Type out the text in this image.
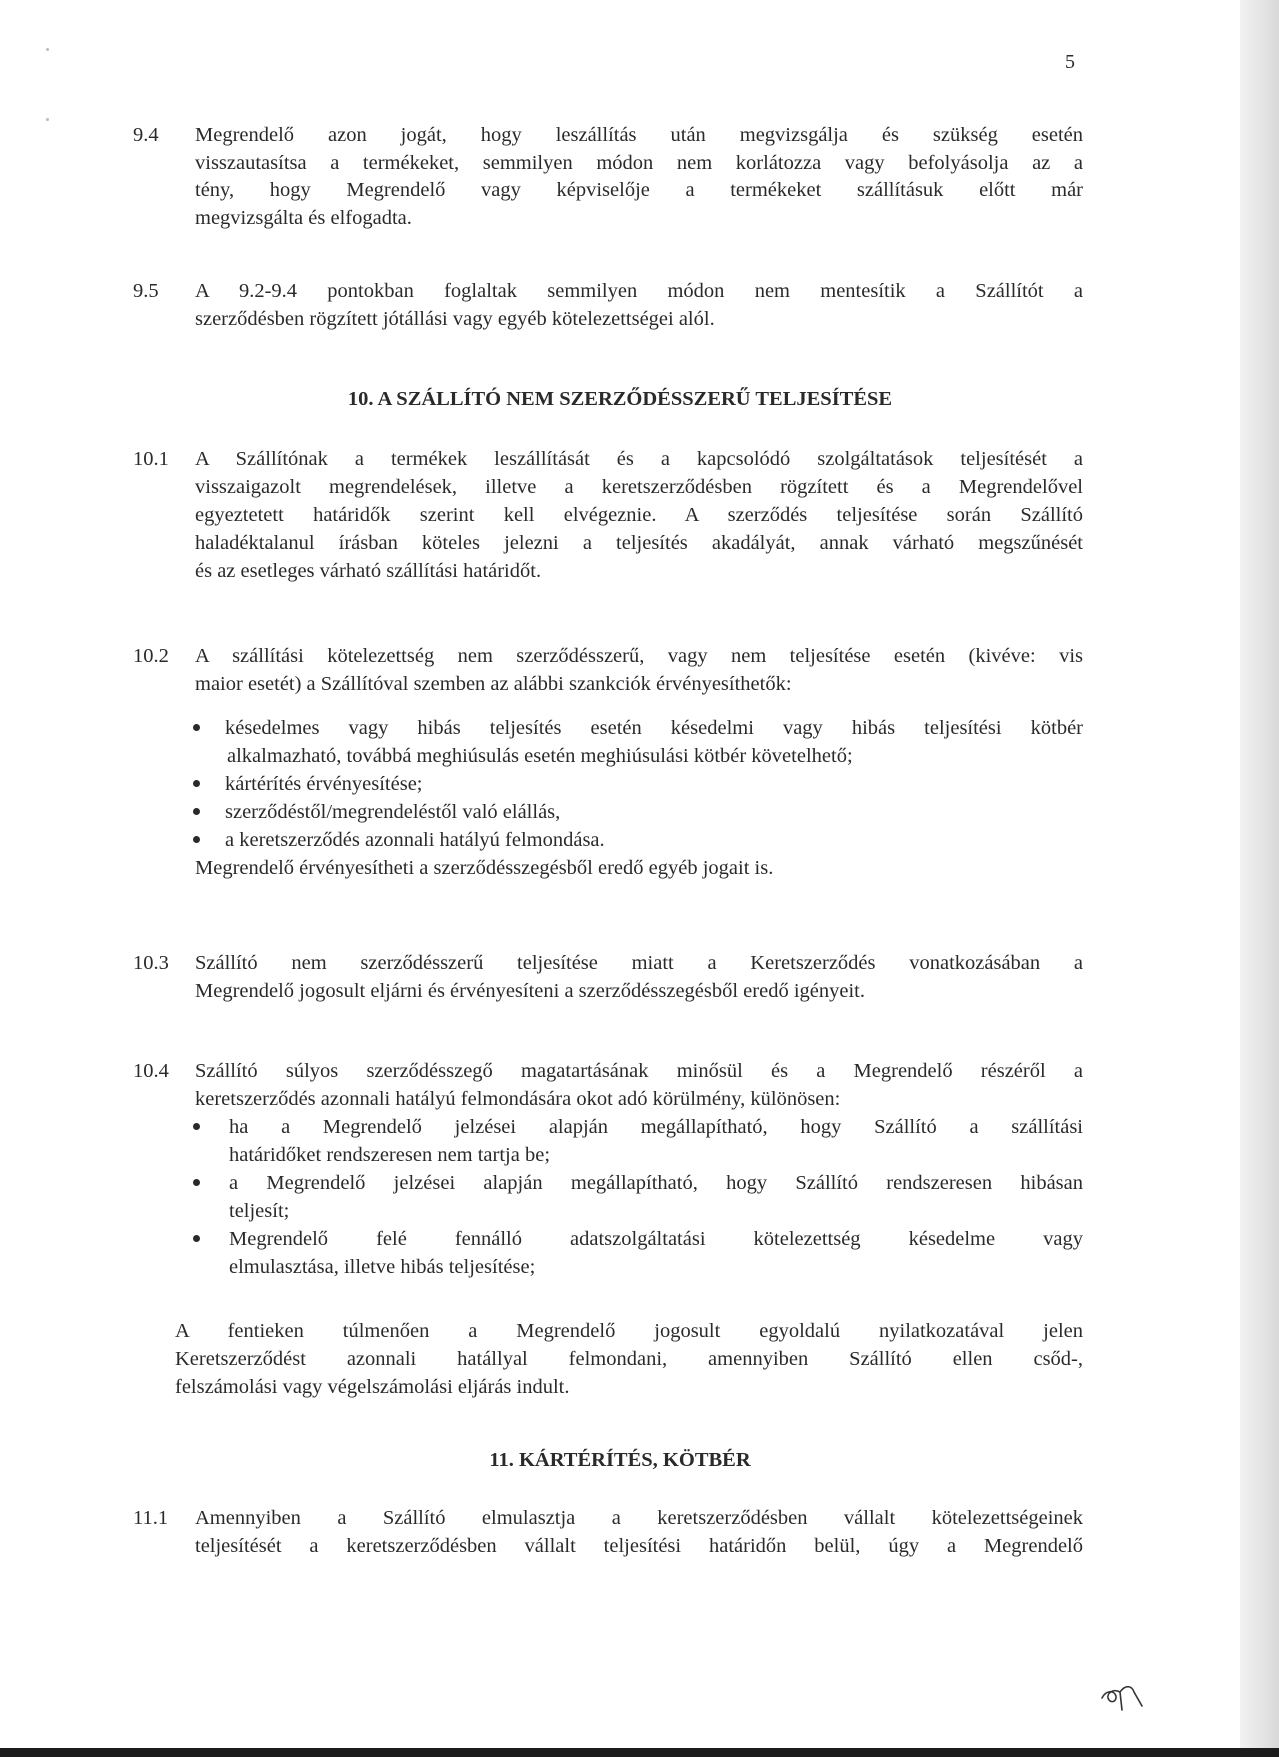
5
9.4 Megrendelő azon jogát, hogy leszállítás után megvizsgálja és szükség esetén
visszautasítsa a termékeket, semmilyen módon nem korlátozza vagy befolyásolja az a
tény, hogy Megrendelő vagy képviselője a termékeket szállításuk előtt már
megvizsgálta és elfogadta.
9.5 A 9.2-9.4 pontokban foglaltak semmilyen módon nem mentesítik a Szállítót a
szerződésben rögzített jótállási vagy egyéb kötelezettségei alól.
10. A SZÁLLÍTÓ NEM SZERZŐDÉSSZERŰ TELJESÍTÉSE
10.1 A Szállítónak a termékek leszállítását és a kapcsolódó szolgáltatások teljesítését a
visszaigazolt megrendelések, illetve a keretszerződésben rögzített és a Megrendelővel
egyeztetett határidők szerint kell elvégeznie. A szerződés teljesítése során Szállító
haladéktalanul írásban köteles jelezni a teljesítés akadályát, annak várható megszűnését
és az esetleges várható szállítási határidőt.
10.2 A szállítási kötelezettség nem szerződésszerű, vagy nem teljesítése esetén (kivéve: vis
maior esetét) a Szállítóval szemben az alábbi szankciók érvényesíthetők:
késedelmes vagy hibás teljesítés esetén késedelmi vagy hibás teljesítési kötbér
alkalmazható, továbbá meghiúsulás esetén meghiúsulási kötbér követelhető;
kártérítés érvényesítése;
szerződéstől/megrendeléstől való elállás,
a keretszerződés azonnali hatályú felmondása.
Megrendelő érvényesítheti a szerződésszegésből eredő egyéb jogait is.
10.3 Szállító nem szerződésszerű teljesítése miatt a Keretszerződés vonatkozásában a
Megrendelő jogosult eljárni és érvényesíteni a szerződésszegésből eredő igényeit.
10.4 Szállító súlyos szerződésszegő magatartásának minősül és a Megrendelő részéről a
keretszerződés azonnali hatályú felmondására okot adó körülmény, különösen:
ha a Megrendelő jelzései alapján megállapítható, hogy Szállító a szállítási
határidőket rendszeresen nem tartja be;
a Megrendelő jelzései alapján megállapítható, hogy Szállító rendszeresen hibásan
teljesít;
Megrendelő felé fennálló adatszolgáltatási kötelezettség késedelme vagy
elmulasztása, illetve hibás teljesítése;
A fentieken túlmenően a Megrendelő jogosult egyoldalú nyilatkozatával jelen
Keretszerződést azonnali hatállyal felmondani, amennyiben Szállító ellen csőd-,
felszámolási vagy végelszámolási eljárás indult.
11. KÁRTÉRÍTÉS, KÖTBÉR
11.1 Amennyiben a Szállító elmulasztja a keretszerződésben vállalt kötelezettségeinek
teljesítését a keretszerződésben vállalt teljesítési határidőn belül, úgy a Megrendelő
